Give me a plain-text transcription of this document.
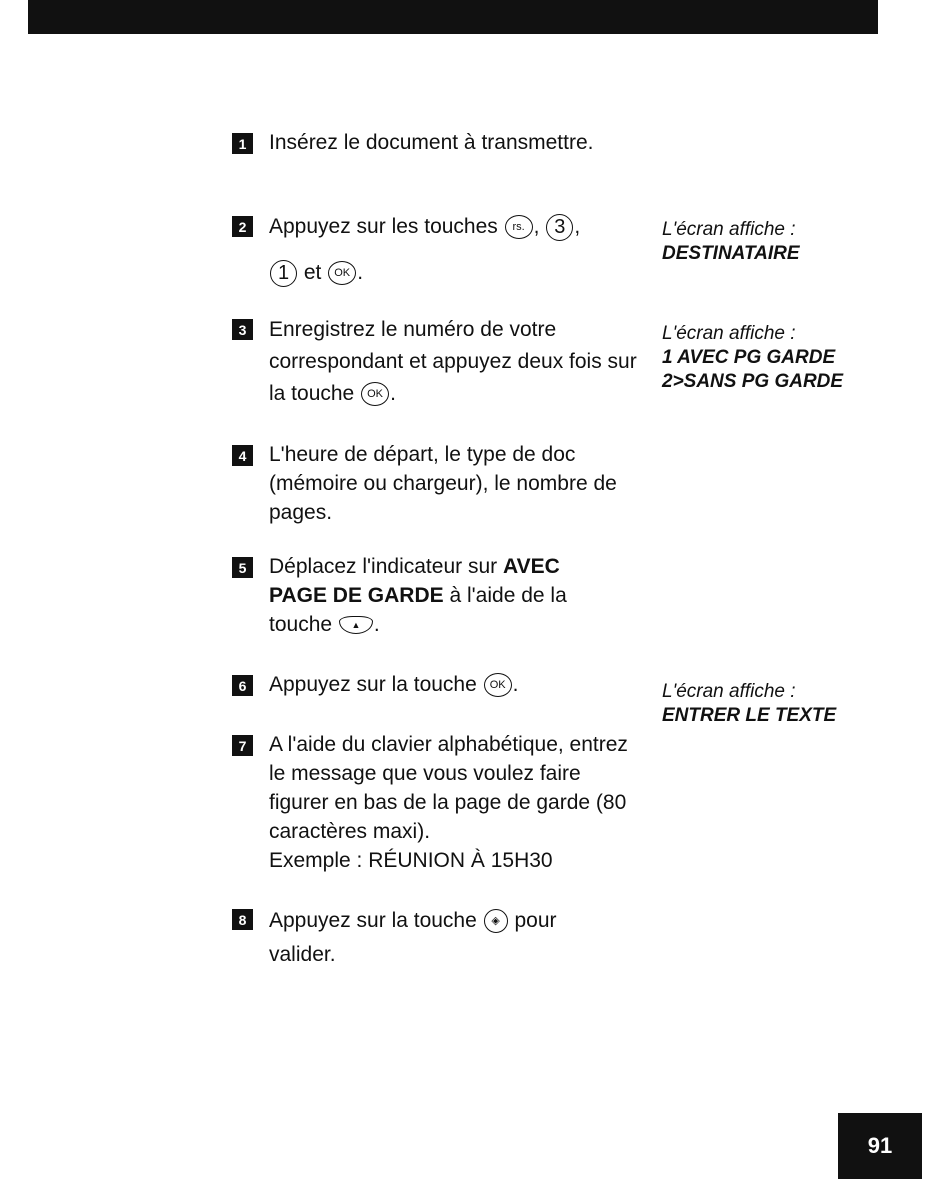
1	Insérez le document à transmettre.
2	Appuyez sur les touches rs. , 3 ,
1 et OK .
3	Enregistrez le numéro de votre correspondant et appuyez deux fois sur la touche OK .
4	L'heure de départ, le type de doc (mémoire ou chargeur), le nombre de pages.
5	Déplacez l'indicateur sur AVEC PAGE DE GARDE à l'aide de la touche ▲ .
6	Appuyez sur la touche OK .
7	A l'aide du clavier alphabétique, entrez le message que vous voulez faire figurer en bas de la page de garde (80 caractères maxi).
Exemple : RÉUNION À 15H30
8	Appuyez sur la touche ◈ pour valider.
L'écran affiche :
DESTINATAIRE
L'écran affiche :
1 AVEC PG GARDE
2>SANS PG GARDE
L'écran affiche :
ENTRER LE TEXTE
91
